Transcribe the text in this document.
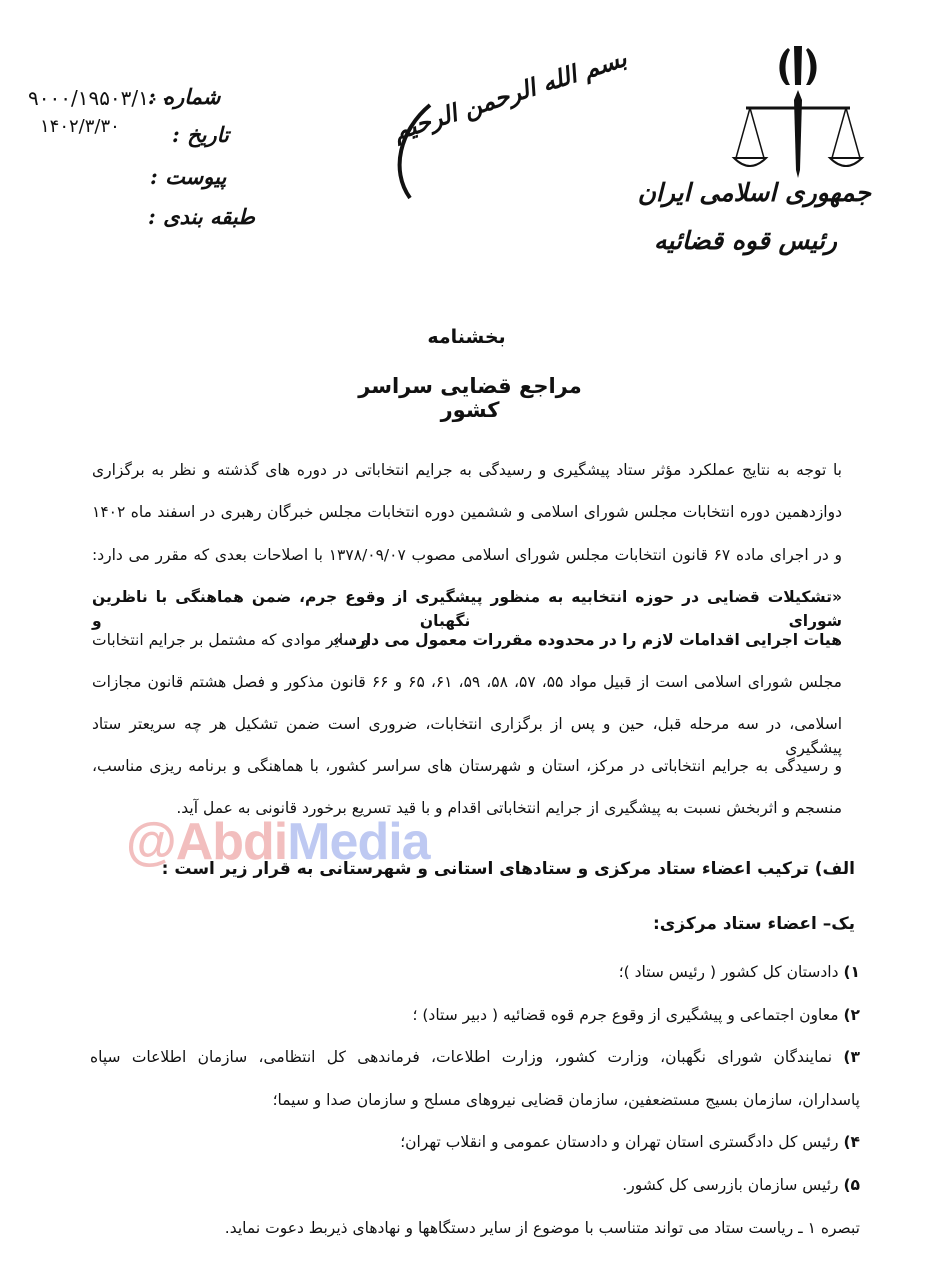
جمهوری اسلامی ایران
رئیس قوه قضائیه
بسم الله الرحمن الرحیم
شماره :
۹۰۰۰/۱۹۵۰۳/۱۰۰
تاریخ :
۱۴۰۲/۳/۳۰
پیوست :
طبقه بندی :
بخشنامه
مراجع قضایی سراسر کشور
با توجه به نتایج عملکرد مؤثر ستاد پیشگیری و رسیدگی به جرایم انتخاباتی در دوره های گذشته و نظر به برگزاری
دوازدهمین دوره انتخابات مجلس شورای اسلامی و ششمین دوره انتخابات مجلس خبرگان رهبری در اسفند ماه ۱۴۰۲
و در اجرای ماده ۶۷ قانون انتخابات مجلس شورای اسلامی مصوب ۱۳۷۸/۰۹/۰۷ با اصلاحات بعدی که مقرر می دارد:
«تشکیلات قضایی در حوزه انتخابیه به منظور پیشگیری از وقوع جرم، ضمن هماهنگی با ناظرین شورای نگهبان و
هیات اجرایی اقدامات لازم را در محدوده مقررات معمول می دارد.»
و سایر موادی که مشتمل بر جرایم انتخابات
مجلس شورای اسلامی است از قبیل مواد ۵۵، ۵۷، ۵۸، ۵۹، ۶۱، ۶۵ و ۶۶ قانون مذکور و فصل هشتم قانون مجازات
اسلامی، در سه مرحله قبل، حین و پس از برگزاری انتخابات، ضروری است ضمن تشکیل هر چه سریعتر ستاد پیشگیری
و رسیدگی به جرایم انتخاباتی در مرکز، استان و شهرستان های سراسر کشور، با هماهنگی و برنامه ریزی مناسب،
منسجم و اثربخش نسبت به پیشگیری از جرایم انتخاباتی اقدام و با قید تسریع برخورد قانونی به عمل آید.
@AbdiMedia
الف) ترکیب اعضاء ستاد مرکزی و ستادهای استانی و شهرستانی به قرار زیر است :
یک– اعضاء ستاد مرکزی:
۱) دادستان کل کشور ( رئیس ستاد )؛
۲) معاون اجتماعی و پیشگیری از وقوع جرم قوه قضائیه ( دبیر ستاد) ؛
۳) نمایندگان شورای نگهبان، وزارت کشور، وزارت اطلاعات، فرماندهی کل انتظامی، سازمان اطلاعات سپاه
پاسداران، سازمان بسیج مستضعفین، سازمان قضایی نیروهای مسلح و سازمان صدا و سیما؛
۴) رئیس کل دادگستری استان تهران و دادستان عمومی و انقلاب تهران؛
۵) رئیس سازمان بازرسی کل کشور.
تبصره ۱ ـ ریاست ستاد می تواند متناسب با موضوع از سایر دستگاهها و نهادهای ذیربط دعوت نماید.
